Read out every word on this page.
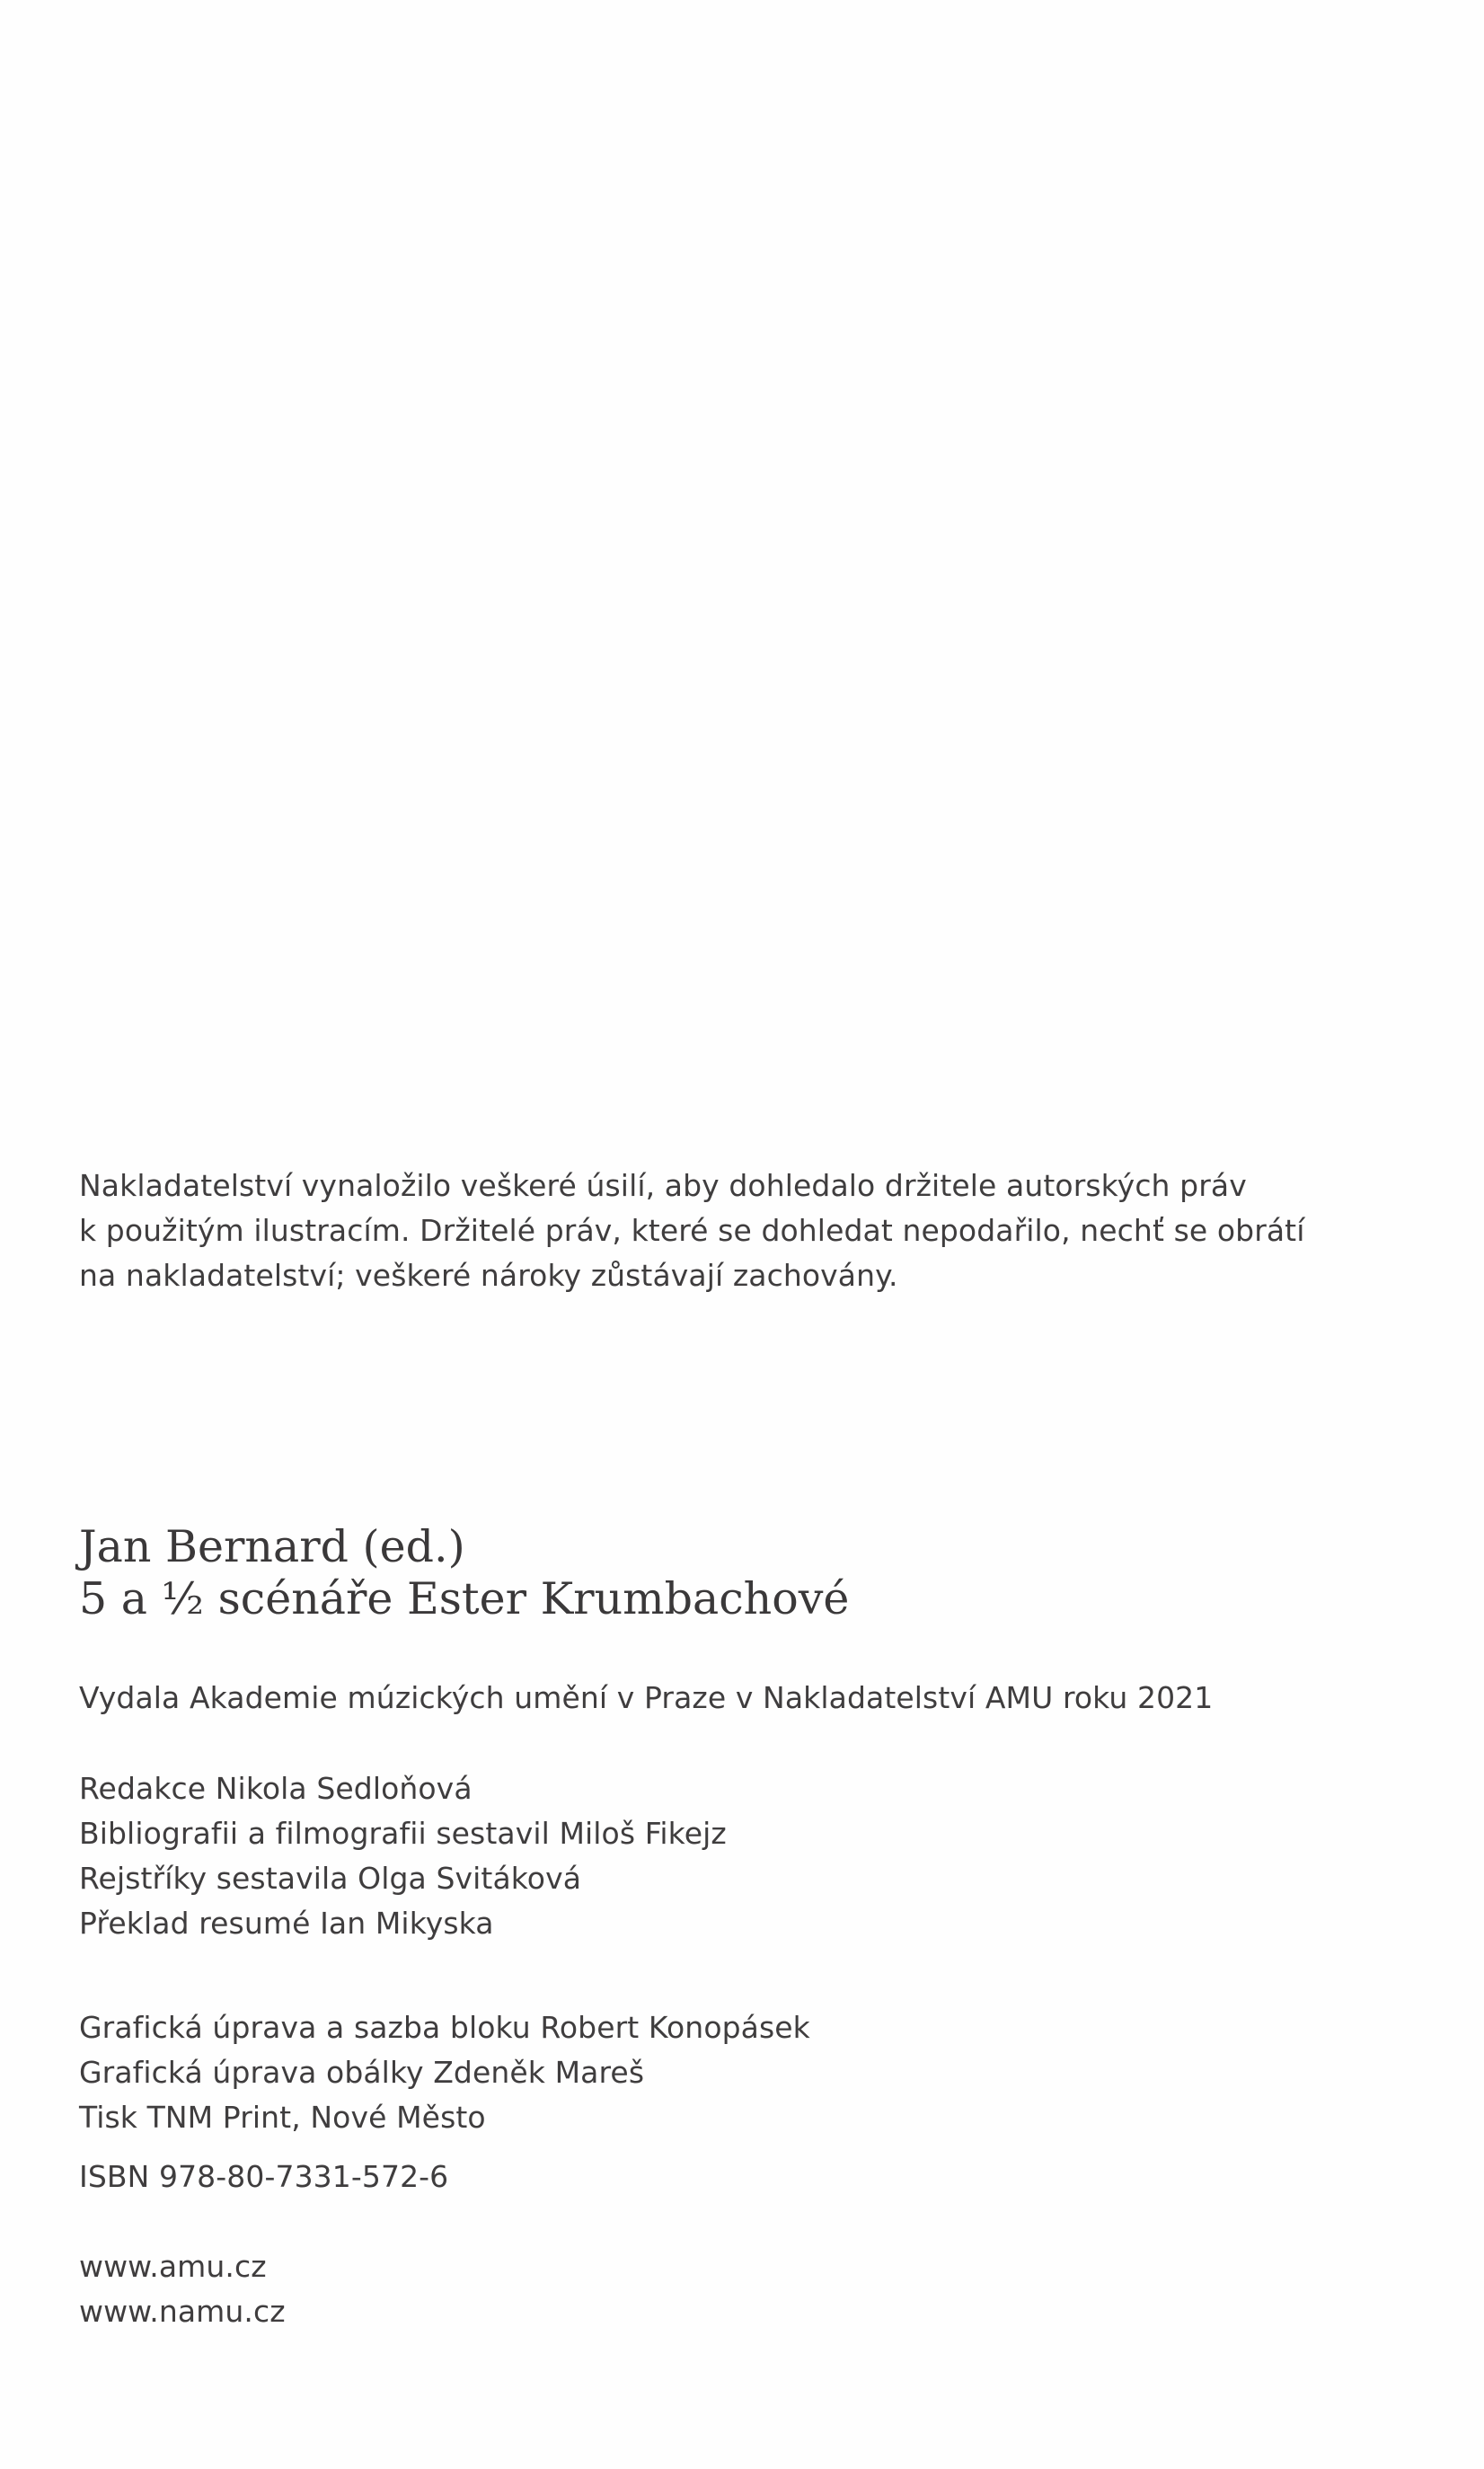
Nakladatelství vynaložilo veškeré úsilí, aby dohledalo držitele autorských práv
k použitým ilustracím. Držitelé práv, které se dohledat nepodařilo, nechť se obrátí
na nakladatelství; veškeré nároky zůstávají zachovány.
Jan Bernard (ed.)
5 a ½ scénáře Ester Krumbachové
Vydala Akademie múzických umění v Praze v Nakladatelství AMU roku 2021
Redakce Nikola Sedloňová
Bibliografii a filmografii sestavil Miloš Fikejz
Rejstříky sestavila Olga Svitáková
Překlad resumé Ian Mikyska
Grafická úprava a sazba bloku Robert Konopásek
Grafická úprava obálky Zdeněk Mareš
Tisk TNM Print, Nové Město
ISBN 978-80-7331-572-6
www.amu.cz
www.namu.cz
